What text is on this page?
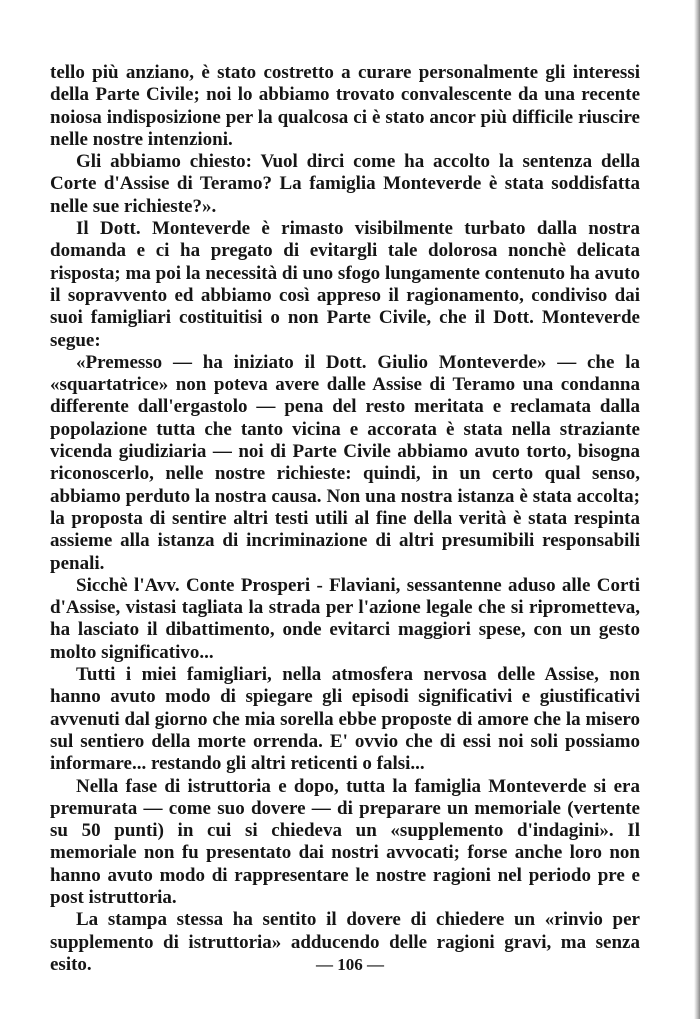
tello più anziano, è stato costretto a curare personalmente gli interessi della Parte Civile; noi lo abbiamo trovato convalescente da una recente noiosa indisposizione per la qualcosa ci è stato ancor più difficile riuscire nelle nostre intenzioni.

Gli abbiamo chiesto: Vuol dirci come ha accolto la sentenza della Corte d'Assise di Teramo? La famiglia Monteverde è stata soddisfatta nelle sue richieste?».

Il Dott. Monteverde è rimasto visibilmente turbato dalla nostra domanda e ci ha pregato di evitargli tale dolorosa nonchè delicata risposta; ma poi la necessità di uno sfogo lungamente contenuto ha avuto il sopravvento ed abbiamo così appreso il ragionamento, condiviso dai suoi famigliari costituitisi o non Parte Civile, che il Dott. Monteverde segue:

«Premesso — ha iniziato il Dott. Giulio Monteverde» — che la «squartatrice» non poteva avere dalle Assise di Teramo una condanna differente dall'ergastolo — pena del resto meritata e reclamata dalla popolazione tutta che tanto vicina e accorata è stata nella straziante vicenda giudiziaria — noi di Parte Civile abbiamo avuto torto, bisogna riconoscerlo, nelle nostre richieste: quindi, in un certo qual senso, abbiamo perduto la nostra causa. Non una nostra istanza è stata accolta; la proposta di sentire altri testi utili al fine della verità è stata respinta assieme alla istanza di incriminazione di altri presumibili responsabili penali.

Sicchè l'Avv. Conte Prosperi - Flaviani, sessantenne aduso alle Corti d'Assise, vistasi tagliata la strada per l'azione legale che si riprometteva, ha lasciato il dibattimento, onde evitarci maggiori spese, con un gesto molto significativo...

Tutti i miei famigliari, nella atmosfera nervosa delle Assise, non hanno avuto modo di spiegare gli episodi significativi e giustificativi avvenuti dal giorno che mia sorella ebbe proposte di amore che la misero sul sentiero della morte orrenda. E' ovvio che di essi noi soli possiamo informare... restando gli altri reticenti o falsi...

Nella fase di istruttoria e dopo, tutta la famiglia Monteverde si era premurata — come suo dovere — di preparare un memoriale (vertente su 50 punti) in cui si chiedeva un «supplemento d'indagini». Il memoriale non fu presentato dai nostri avvocati; forse anche loro non hanno avuto modo di rappresentare le nostre ragioni nel periodo pre e post istruttoria.

La stampa stessa ha sentito il dovere di chiedere un «rinvio per supplemento di istruttoria» adducendo delle ragioni gravi, ma senza esito.	— 106 —
